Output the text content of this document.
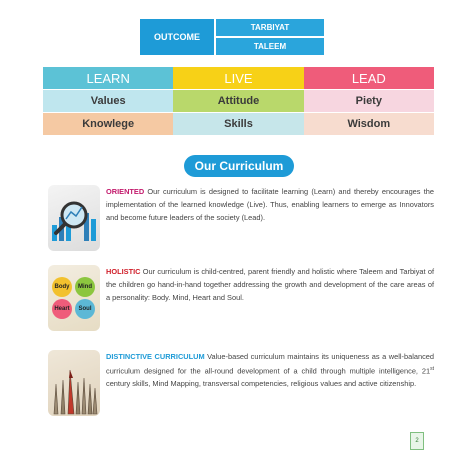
OUTCOME
TARBIYAT
TALEEM
LEARN	LIVE	LEAD
Values	Attitude	Piety
Knowlege	Skills	Wisdom
Our Curriculum
ORIENTED Our curriculum is designed to facilitate learning (Learn) and thereby encourages the implementation of the learned knowledge (Live). Thus, enabling learners to emerge as Innovators and become future leaders of the society (Lead).
Body	Mind
Heart	Soul
HOLISTIC Our curriculum is child-centred, parent friendly and holistic where Taleem and Tarbiyat of the children go hand-in-hand together addressing the growth and development of the care areas of a personality: Body. Mind, Heart and Soul.
DISTINCTIVE CURRICULUM Value-based curriculum maintains its uniqueness as a well-balanced curriculum designed for the all-round development of a child through multiple intelligence, 21st century skills, Mind Mapping, transversal competencies, religious values and active citizenship.
2
